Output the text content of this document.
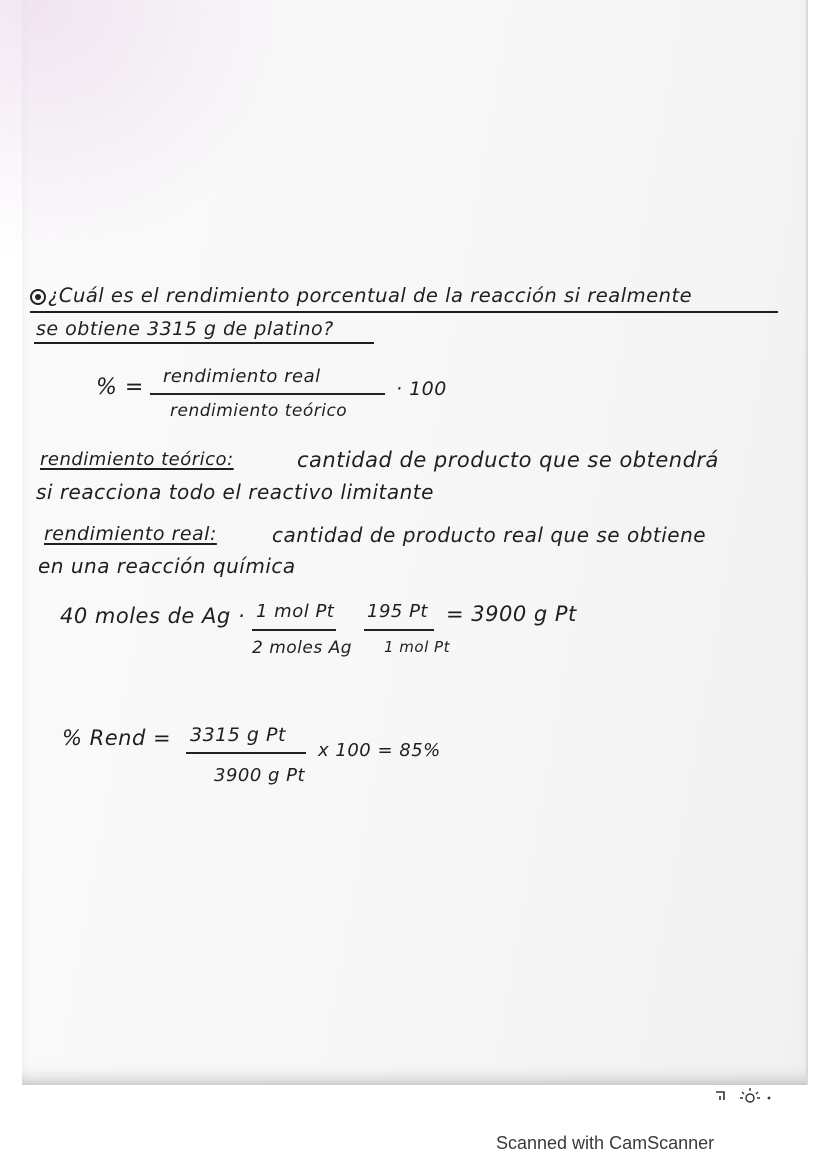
¿Cuál es el rendimiento porcentual de la reacción si realmente

se obtiene 3315 g de platino?

% = rendimiento real

rendimiento teórico

· 100

rendimiento teórico:	cantidad de producto que se obtendrá

si reacciona todo el reactivo limitante

rendimiento real:	cantidad de producto real que se obtiene

en una reacción química

40 moles de Ag · 1 mol Pt

2 moles Ag

195 Pt

1 mol Pt

= 3900 g Pt

% Rend = 3315 g Pt

3900 g Pt

x 100 = 85%

Scanned with CamScanner
